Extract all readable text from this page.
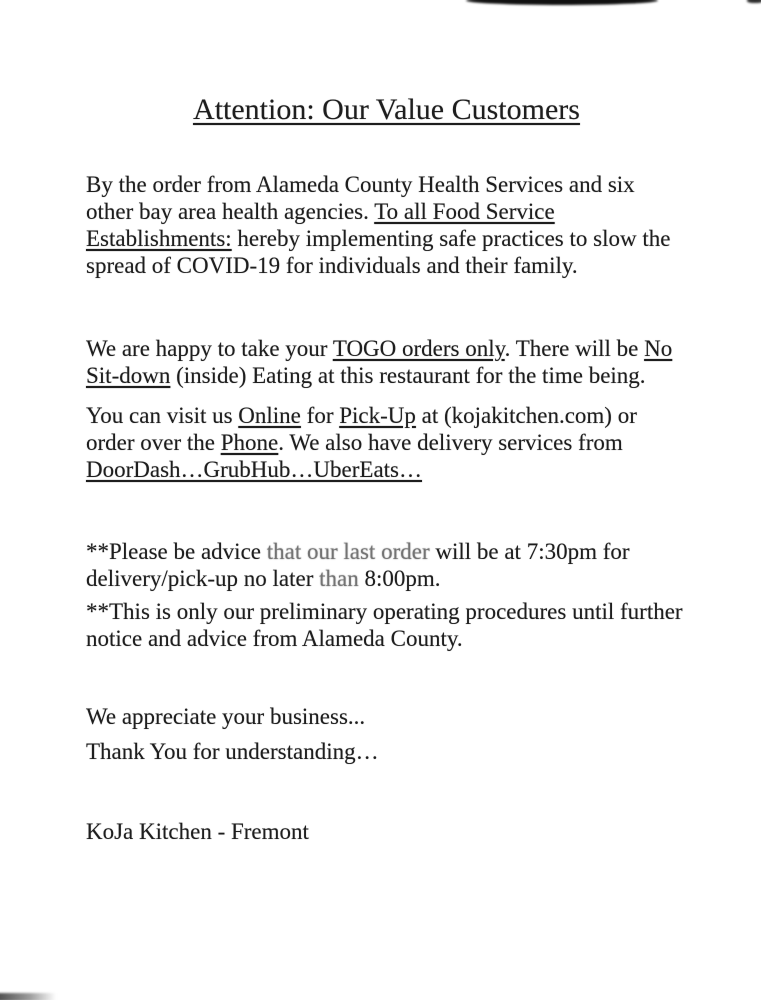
Attention: Our Value Customers

By the order from Alameda County Health Services and six
other bay area health agencies. To all Food Service
Establishments: hereby implementing safe practices to slow the
spread of COVID-19 for individuals and their family.

We are happy to take your TOGO orders only. There will be No
Sit-down (inside) Eating at this restaurant for the time being.

You can visit us Online for Pick-Up at (kojakitchen.com) or
order over the Phone. We also have delivery services from
DoorDash…GrubHub…UberEats…

**Please be advice that our last order will be at 7:30pm for
delivery/pick-up no later than 8:00pm.

**This is only our preliminary operating procedures until further
notice and advice from Alameda County.

We appreciate your business...

Thank You for understanding…

KoJa Kitchen - Fremont
